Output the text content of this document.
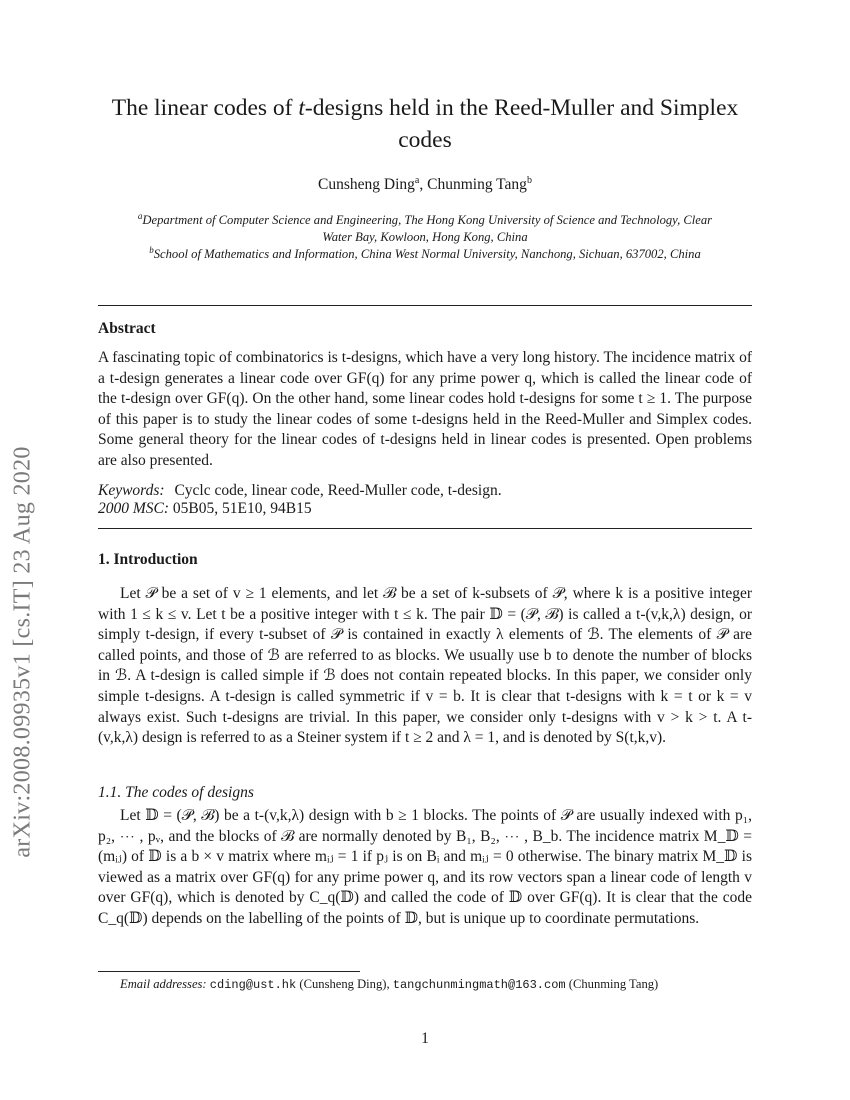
arXiv:2008.09935v1 [cs.IT] 23 Aug 2020
The linear codes of t-designs held in the Reed-Muller and Simplex
codes
Cunsheng Ding$^a$, Chunming Tang$^b$
$^a$Department of Computer Science and Engineering, The Hong Kong University of Science and Technology, Clear
Water Bay, Kowloon, Hong Kong, China
$^b$School of Mathematics and Information, China West Normal University, Nanchong, Sichuan, 637002, China
Abstract
A fascinating topic of combinatorics is t-designs, which have a very long history. The incidence matrix of a t-design generates a linear code over GF(q) for any prime power q, which is called the linear code of the t-design over GF(q). On the other hand, some linear codes hold t-designs for some t ≥ 1. The purpose of this paper is to study the linear codes of some t-designs held in the Reed-Muller and Simplex codes. Some general theory for the linear codes of t-designs held in linear codes is presented. Open problems are also presented.
Keywords: Cyclc code, linear code, Reed-Muller code, t-design.
2000 MSC: 05B05, 51E10, 94B15
1. Introduction
Let 𝒫 be a set of v ≥ 1 elements, and let ℬ be a set of k-subsets of 𝒫, where k is a positive integer with 1 ≤ k ≤ v. Let t be a positive integer with t ≤ k. The pair 𝔻 = (𝒫, ℬ) is called a t-(v,k,λ) design, or simply t-design, if every t-subset of 𝒫 is contained in exactly λ elements of ℬ. The elements of 𝒫 are called points, and those of ℬ are referred to as blocks. We usually use b to denote the number of blocks in ℬ. A t-design is called simple if ℬ does not contain repeated blocks. In this paper, we consider only simple t-designs. A t-design is called symmetric if v = b. It is clear that t-designs with k = t or k = v always exist. Such t-designs are trivial. In this paper, we consider only t-designs with v > k > t. A t-(v,k,λ) design is referred to as a Steiner system if t ≥ 2 and λ = 1, and is denoted by S(t,k,v).
1.1. The codes of designs
Let 𝔻 = (𝒫, ℬ) be a t-(v,k,λ) design with b ≥ 1 blocks. The points of 𝒫 are usually indexed with p₁, p₂, ⋯ , pᵥ, and the blocks of ℬ are normally denoted by B₁, B₂, ⋯ , B_b. The incidence matrix M_𝔻 = (mᵢⱼ) of 𝔻 is a b × v matrix where mᵢⱼ = 1 if pⱼ is on Bᵢ and mᵢⱼ = 0 otherwise. The binary matrix M_𝔻 is viewed as a matrix over GF(q) for any prime power q, and its row vectors span a linear code of length v over GF(q), which is denoted by C_q(𝔻) and called the code of 𝔻 over GF(q). It is clear that the code C_q(𝔻) depends on the labelling of the points of 𝔻, but is unique up to coordinate permutations.
Email addresses: cding@ust.hk (Cunsheng Ding), tangchunmingmath@163.com (Chunming Tang)
1
